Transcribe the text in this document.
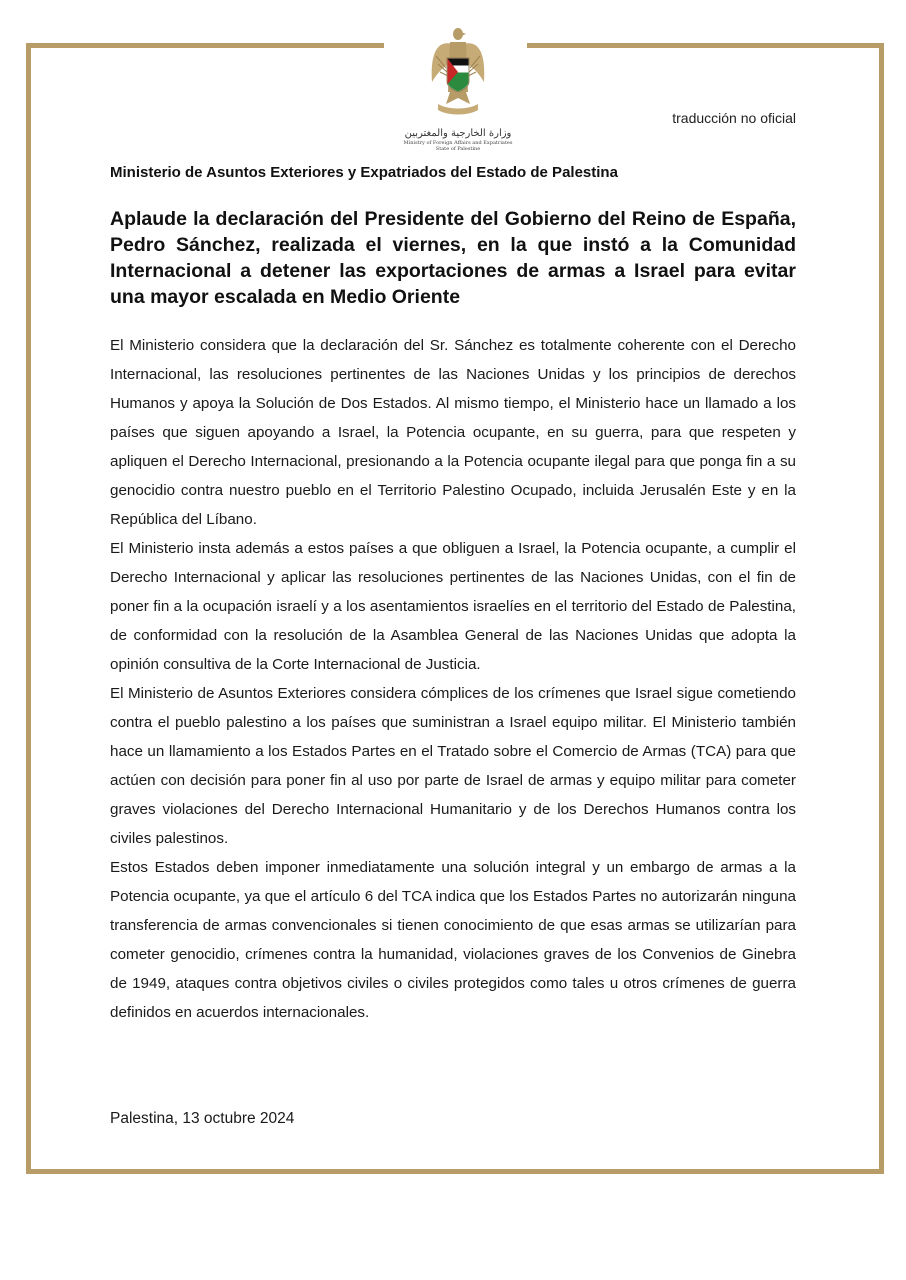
وزارة الخارجية والمغتربين
Ministry of Foreign Affairs and Expatriates
State of Palestine
traducción no oficial
Ministerio de Asuntos Exteriores y Expatriados del Estado de Palestina
Aplaude la declaración del Presidente del Gobierno del Reino de España, Pedro Sánchez, realizada el viernes, en la que instó a la Comunidad Internacional a detener las exportaciones de armas a Israel para evitar una mayor escalada en Medio Oriente

El Ministerio considera que la declaración del Sr. Sánchez es totalmente coherente con el Derecho Internacional, las resoluciones pertinentes de las Naciones Unidas y los principios de derechos Humanos y apoya la Solución de Dos Estados. Al mismo tiempo, el Ministerio hace un llamado a los países que siguen apoyando a Israel, la Potencia ocupante, en su guerra, para que respeten y apliquen el Derecho Internacional, presionando a la Potencia ocupante ilegal para que ponga fin a su genocidio contra nuestro pueblo en el Territorio Palestino Ocupado, incluida Jerusalén Este y en la República del Líbano.

El Ministerio insta además a estos países a que obliguen a Israel, la Potencia ocupante, a cumplir el Derecho Internacional y aplicar las resoluciones pertinentes de las Naciones Unidas, con el fin de poner fin a la ocupación israelí y a los asentamientos israelíes en el territorio del Estado de Palestina, de conformidad con la resolución de la Asamblea General de las Naciones Unidas que adopta la opinión consultiva de la Corte Internacional de Justicia.

El Ministerio de Asuntos Exteriores considera cómplices de los crímenes que Israel sigue cometiendo contra el pueblo palestino a los países que suministran a Israel equipo militar. El Ministerio también hace un llamamiento a los Estados Partes en el Tratado sobre el Comercio de Armas (TCA) para que actúen con decisión para poner fin al uso por parte de Israel de armas y equipo militar para cometer graves violaciones del Derecho Internacional Humanitario y de los Derechos Humanos contra los civiles palestinos.

Estos Estados deben imponer inmediatamente una solución integral y un embargo de armas a la Potencia ocupante, ya que el artículo 6 del TCA indica que los Estados Partes no autorizarán ninguna transferencia de armas convencionales si tienen conocimiento de que esas armas se utilizarían para cometer genocidio, crímenes contra la humanidad, violaciones graves de los Convenios de Ginebra de 1949, ataques contra objetivos civiles o civiles protegidos como tales u otros crímenes de guerra definidos en acuerdos internacionales.

Palestina, 13 octubre 2024
